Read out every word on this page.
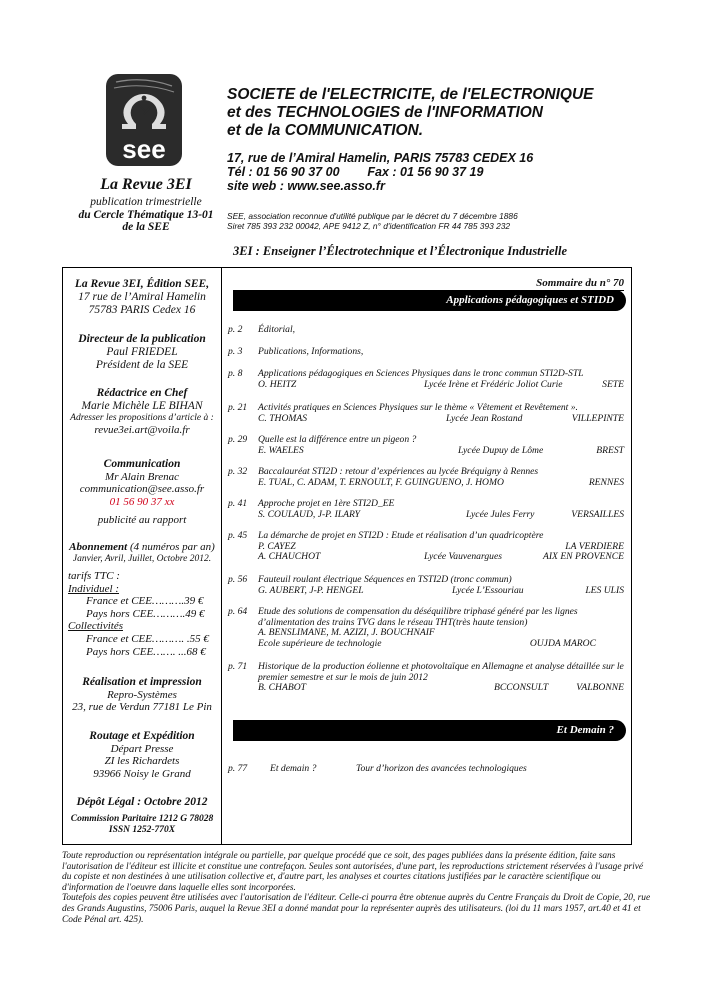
see
SOCIETE de l'ELECTRICITE, de l'ELECTRONIQUE
et des TECHNOLOGIES de l'INFORMATION
et de la COMMUNICATION.
17, rue de l’Amiral Hamelin, PARIS 75783 CEDEX 16
Tél : 01 56 90 37 00        Fax : 01 56 90 37 19
site web : www.see.asso.fr
SEE, association reconnue d'utilité publique par le décret du 7 décembre 1886
Siret 785 393 232 00042, APE 9412 Z, n° d'identification FR 44 785 393 232
La Revue 3EI
publication trimestrielle
du Cercle Thématique 13-01
de la SEE
3EI : Enseigner l’Électrotechnique et l’Électronique Industrielle
La Revue 3EI, Édition SEE,
17 rue de l’Amiral Hamelin
75783 PARIS Cedex 16
Directeur de la publication
Paul FRIEDEL
Président de la SEE
Rédactrice en Chef
Marie Michèle LE BIHAN
Adresser les propositions d’article à :
revue3ei.art@voila.fr
Communication
Mr Alain Brenac
communication@see.asso.fr
01 56 90 37 xx
publicité au rapport
Abonnement (4 numéros par an)
Janvier, Avril, Juillet, Octobre 2012.
tarifs TTC :
Individuel :
France et CEE……….39 €
Pays hors CEE……….49 €
Collectivités
France et CEE………. .55 €
Pays hors CEE……. ...68 €
Réalisation et impression
Repro-Systèmes
23, rue de Verdun 77181 Le Pin
Routage et Expédition
Départ Presse
ZI les Richardets
93966 Noisy le Grand
Dépôt Légal : Octobre 2012
Commission Paritaire 1212 G 78028
ISSN 1252-770X
Sommaire du n° 70
Applications pédagogiques et STIDD
Et Demain ?
p. 2	Éditorial,
p. 3	Publications, Informations,
p. 8	Applications pédagogiques en Sciences Physiques dans le tronc commun STI2D-STL
O. HEITZ	Lycée Irène et Frédéric Joliot Curie	SETE
p. 21	Activités pratiques en Sciences Physiques sur le thème « Vêtement et Revêtement ».
C. THOMAS	Lycée Jean Rostand	VILLEPINTE
p. 29	Quelle est la différence entre un pigeon ?
E. WAELES	Lycée Dupuy de Lôme	BREST
p. 32	Baccalauréat STI2D : retour d’expériences au lycée Bréquigny à Rennes
E. TUAL, C. ADAM, T. ERNOULT, F. GUINGUENO, J. HOMO	RENNES
p. 41	Approche projet en 1ère STI2D_EE
S. COULAUD, J-P. ILARY	Lycée Jules Ferry	VERSAILLES
p. 45	La démarche de projet en STI2D : Etude et réalisation d’un quadricoptère
P. CAYEZ	LA VERDIERE
A. CHAUCHOT	Lycée Vauvenargues	AIX EN PROVENCE
p. 56	Fauteuil roulant électrique Séquences en TSTI2D (tronc commun)
G. AUBERT, J-P. HENGEL	Lycée L’Essouriau	LES ULIS
p. 64	Etude des solutions de compensation du déséquilibre triphasé généré par les lignes d’alimentation des trains TVG dans le réseau THT(très haute tension)
A. BENSLIMANE, M. AZIZI, J. BOUCHNAIF
Ecole supérieure de technologie	OUJDA MAROC
p. 71	Historique de la production éolienne et photovoltaïque en Allemagne et analyse détaillée sur le premier semestre et sur le mois de juin 2012
B. CHABOT	BCCONSULT	VALBONNE
p. 77	Et demain ?	Tour d’horizon des avancées technologiques
Toute reproduction ou représentation intégrale ou partielle, par quelque procédé que ce soit, des pages publiées dans la présente édition, faite sans l'autorisation de l'éditeur est illicite et constitue une contrefaçon. Seules sont autorisées, d'une part, les reproductions strictement réservées à l'usage privé du copiste et non destinées à une utilisation collective et, d'autre part, les analyses et courtes citations justifiées par le caractère scientifique ou d'information de l'oeuvre dans laquelle elles sont incorporées.
Toutefois des copies peuvent être utilisées avec l'autorisation de l'éditeur. Celle-ci pourra être obtenue auprès du Centre Français du Droit de Copie, 20, rue des Grands Augustins, 75006 Paris, auquel la Revue 3EI a donné mandat pour la représenter auprès des utilisateurs. (loi du 11 mars 1957, art.40 et 41 et Code Pénal art. 425).
